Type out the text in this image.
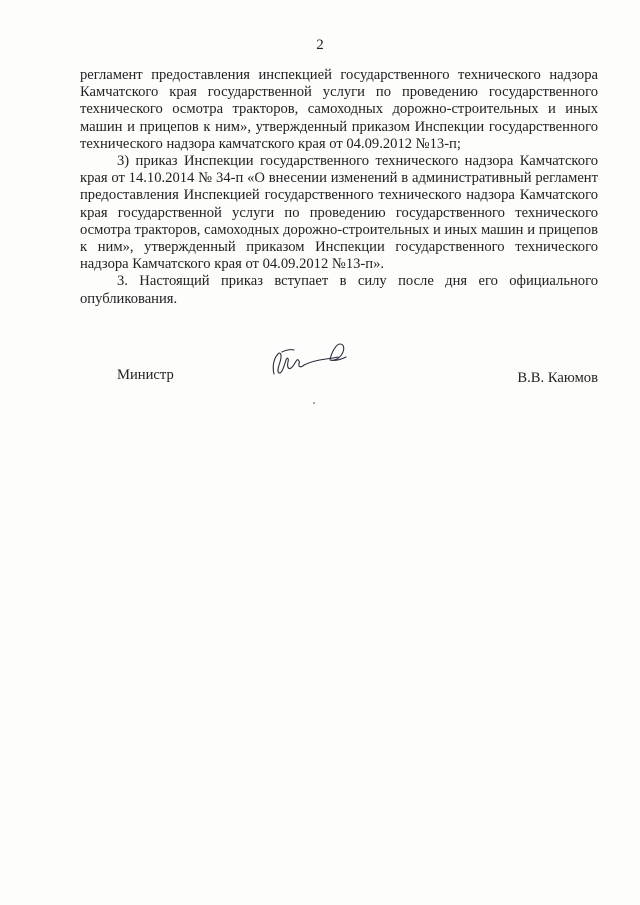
2

регламент предоставления инспекцией государственного технического надзора Камчатского края государственной услуги по проведению государственного технического осмотра тракторов, самоходных дорожно-строительных и иных машин и прицепов к ним», утвержденный приказом Инспекции государственного технического надзора камчатского края от 04.09.2012 №13-п;

3) приказ Инспекции государственного технического надзора Камчатского края от 14.10.2014 № 34-п «О внесении изменений в административный регламент предоставления Инспекцией государственного технического надзора Камчатского края государственной услуги по проведению государственного технического осмотра тракторов, самоходных дорожно-строительных и иных машин и прицепов к ним», утвержденный приказом Инспекции государственного технического надзора Камчатского края от 04.09.2012 №13-п».

3. Настоящий приказ вступает в силу после дня его официального опубликования.

Министр	В.В. Каюмов
